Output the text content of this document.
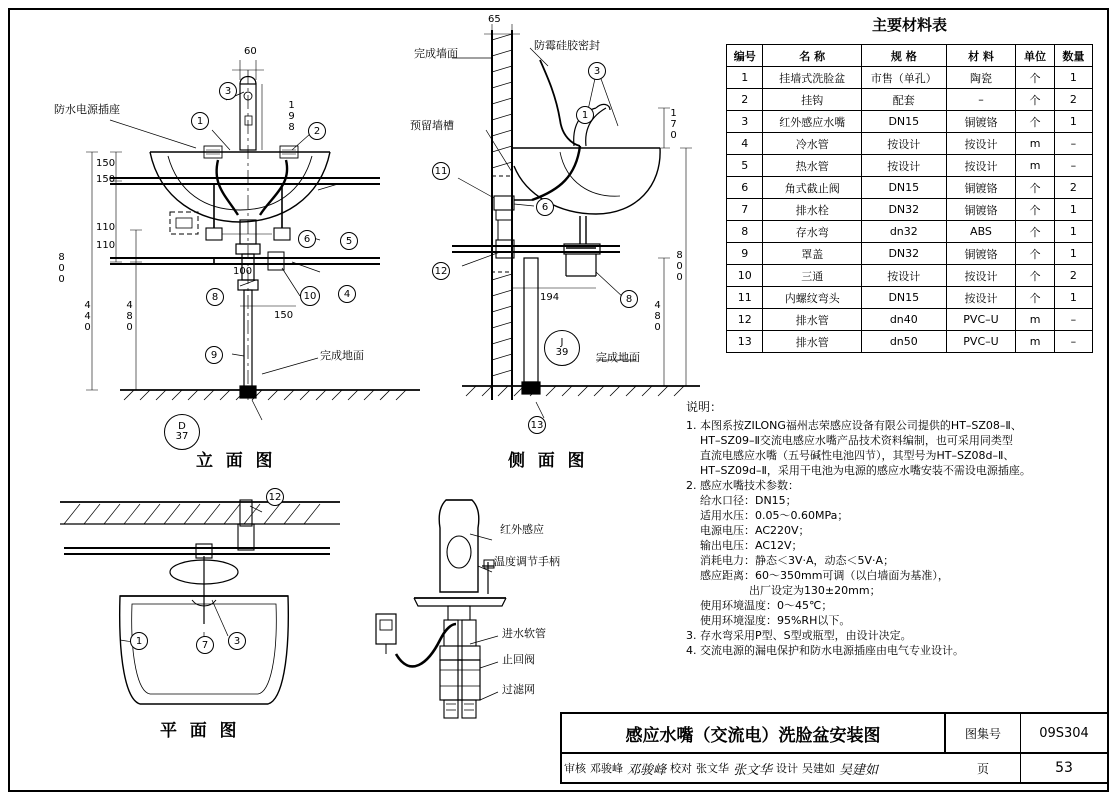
主要材料表
编号	名 称	规 格	材 料	单位	数量
1	挂墙式洗脸盆	市售（单孔）	陶瓷	个	1
2	挂钩	配套	–	个	2
3	红外感应水嘴	DN15	铜镀铬	个	1
4	冷水管	按设计	按设计	m	–
5	热水管	按设计	按设计	m	–
6	角式截止阀	DN15	铜镀铬	个	2
7	排水栓	DN32	铜镀铬	个	1
8	存水弯	dn32	ABS	个	1
9	罩盖	DN32	铜镀铬	个	1
10	三通	按设计	按设计	个	2
11	内螺纹弯头	DN15	按设计	个	1
12	排水管	dn40	PVC–U	m	–
13	排水管	dn50	PVC–U	m	–
说明：
1. 本图系按ZILONG福州志荣感应设备有限公司提供的HT–SZ08–Ⅱ、
HT–SZ09–Ⅱ交流电感应水嘴产品技术资料编制，也可采用同类型
直流电感应水嘴（五号碱性电池四节），其型号为HT–SZ08d–Ⅱ、
HT–SZ09d–Ⅱ，采用干电池为电源的感应水嘴安装不需设电源插座。
2. 感应水嘴技术参数：
给水口径：DN15；
适用水压：0.05～0.60MPa；
电源电压：AC220V；
输出电压：AC12V；
消耗电力：静态＜3V·A，动态＜5V·A；
感应距离：60～350mm可调（以白墙面为基准），
出厂设定为130±20mm；
使用环境温度：0～45℃；
使用环境湿度：95%RH以下。
3. 存水弯采用P型、S型或瓶型，由设计决定。
4. 交流电源的漏电保护和防水电源插座由电气专业设计。
防水电源插座
完成地面
1
2
3
4
5
6
8
9
10
60
198
150
150
110
110
100
150
480
440
800
D
37
立 面 图
完成墙面
防霉硅胶密封
预留墙槽
完成地面
1
3
6
8
11
12
13
65
170
194
480
800
J
39
侧 面 图
1	3
7
12
红外感应
温度调节手柄
进水软管
止回阀
过滤网
平 面 图	感应水嘴（交流电）洗脸盆安装图	图集号	09S304
审核 邓骏峰 邓骏峰 校对 张文华 张文华 设计 吴建如 吴建如	页	53
